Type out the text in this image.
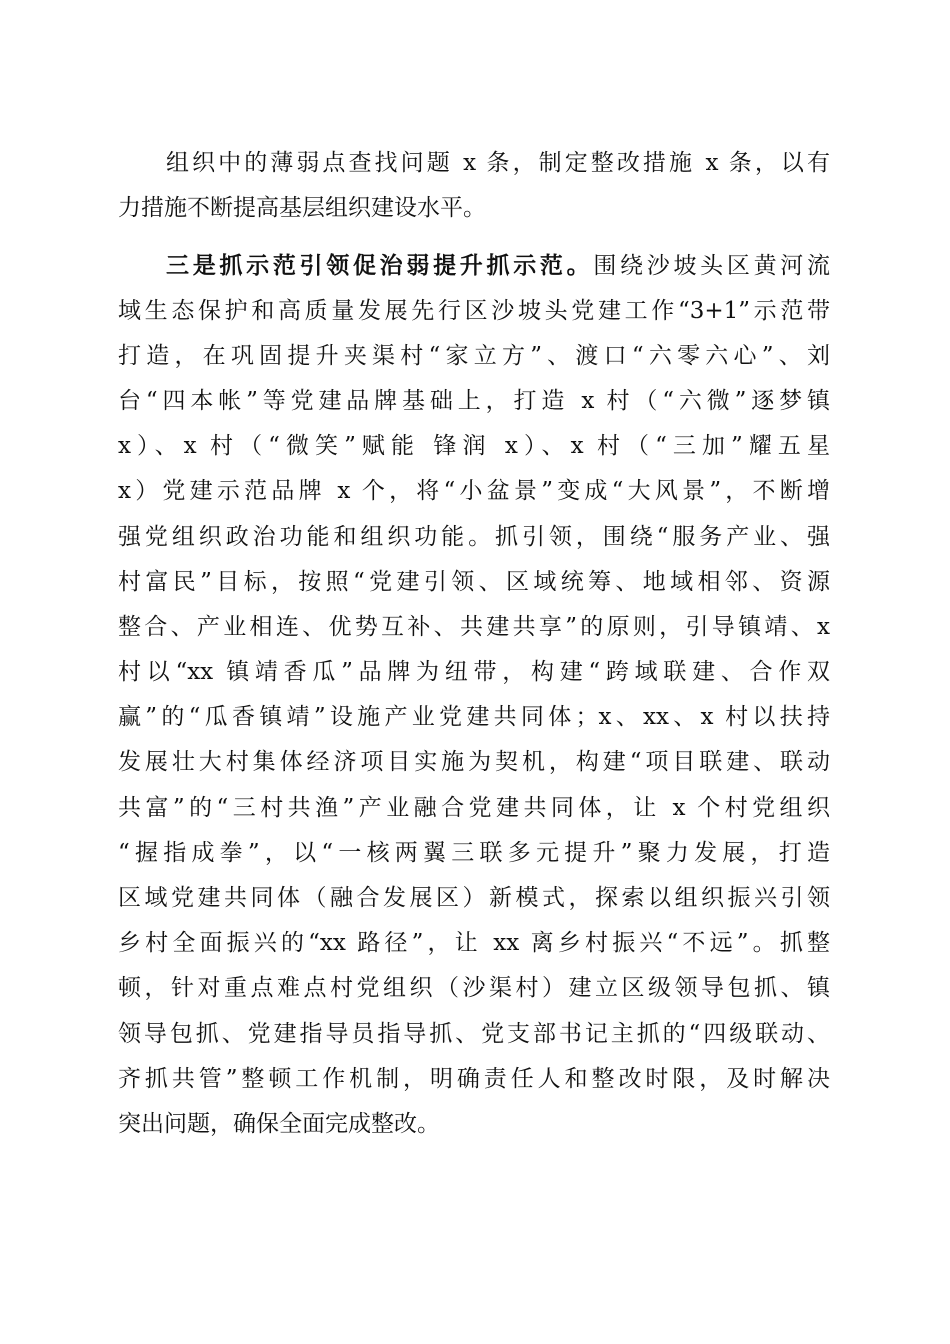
组织中的薄弱点查找问题 x 条，制定整改措施 x 条，以有
力措施不断提高基层组织建设水平。
三是抓示范引领促治弱提升抓示范。围绕沙坡头区黄河流
域生态保护和高质量发展先行区沙坡头党建工作“3+1”示范带
打造，在巩固提升夹渠村“家立方”、渡口“六零六心”、刘
台“四本帐”等党建品牌基础上，打造 x 村（“六微”逐梦镇
x）、x 村（“微笑”赋能 锋润 x）、x 村（“三加”耀五星
x）党建示范品牌 x 个，将“小盆景”变成“大风景”，不断增
强党组织政治功能和组织功能。抓引领，围绕“服务产业、强
村富民”目标，按照“党建引领、区域统筹、地域相邻、资源
整合、产业相连、优势互补、共建共享”的原则，引导镇靖、x
村以“xx 镇靖香瓜”品牌为纽带，构建“跨域联建、合作双
赢”的“瓜香镇靖”设施产业党建共同体；x、xx、x 村以扶持
发展壮大村集体经济项目实施为契机，构建“项目联建、联动
共富”的“三村共渔”产业融合党建共同体，让 x 个村党组织
“握指成拳”，以“一核两翼三联多元提升”聚力发展，打造
区域党建共同体（融合发展区）新模式，探索以组织振兴引领
乡村全面振兴的“xx 路径”，让 xx 离乡村振兴“不远”。抓整
顿，针对重点难点村党组织（沙渠村）建立区级领导包抓、镇
领导包抓、党建指导员指导抓、党支部书记主抓的“四级联动、
齐抓共管”整顿工作机制，明确责任人和整改时限，及时解决
突出问题，确保全面完成整改。
